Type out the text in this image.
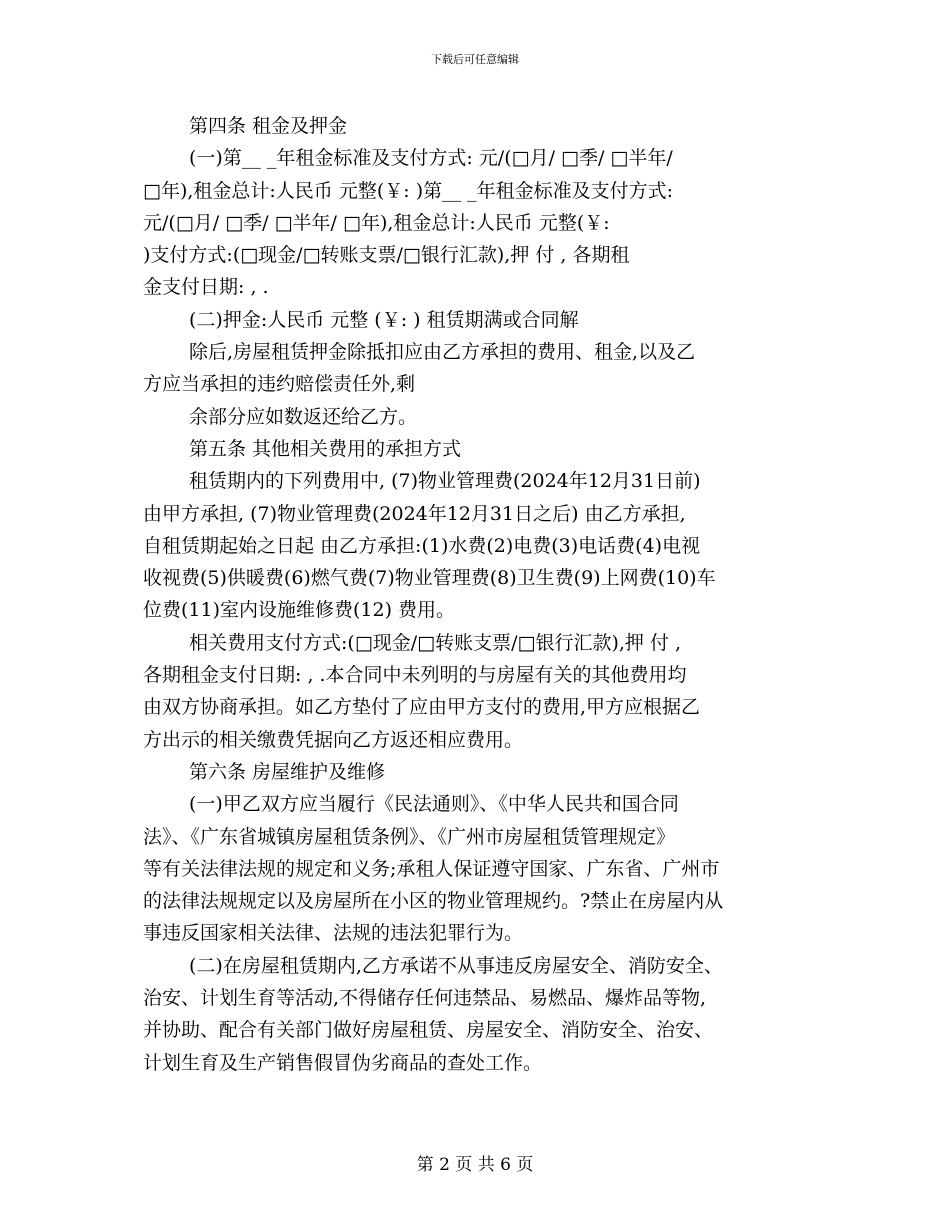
下载后可任意编辑
第四条 租金及押金
(一)第__ _年租金标准及支付方式: 元/(□月/ □季/ □半年/
□年),租金总计:人民币 元整(￥: )第__ _年租金标准及支付方式:
元/(□月/ □季/ □半年/ □年),租金总计:人民币 元整(￥:
)支付方式:(□现金/□转账支票/□银行汇款),押 付 , 各期租
金支付日期: , .
(二)押金:人民币 元整 (￥: ) 租赁期满或合同解
除后,房屋租赁押金除抵扣应由乙方承担的费用、租金,以及乙
方应当承担的违约赔偿责任外,剩
余部分应如数返还给乙方。
第五条 其他相关费用的承担方式
租赁期内的下列费用中, (7)物业管理费(2024年12月31日前)
由甲方承担, (7)物业管理费(2024年12月31日之后) 由乙方承担,
自租赁期起始之日起 由乙方承担:(1)水费(2)电费(3)电话费(4)电视
收视费(5)供暖费(6)燃气费(7)物业管理费(8)卫生费(9)上网费(10)车
位费(11)室内设施维修费(12) 费用。
相关费用支付方式:(□现金/□转账支票/□银行汇款),押 付 ,
各期租金支付日期: , .本合同中未列明的与房屋有关的其他费用均
由双方协商承担。如乙方垫付了应由甲方支付的费用,甲方应根据乙
方出示的相关缴费凭据向乙方返还相应费用。
第六条 房屋维护及维修
(一)甲乙双方应当履行《民法通则》、《中华人民共和国合同
法》、《广东省城镇房屋租赁条例》、《广州市房屋租赁管理规定》
等有关法律法规的规定和义务;承租人保证遵守国家、广东省、广州市
的法律法规规定以及房屋所在小区的物业管理规约。?禁止在房屋内从
事违反国家相关法律、法规的违法犯罪行为。
(二)在房屋租赁期内,乙方承诺不从事违反房屋安全、消防安全、
治安、计划生育等活动,不得储存任何违禁品、易燃品、爆炸品等物,
并协助、配合有关部门做好房屋租赁、房屋安全、消防安全、治安、
计划生育及生产销售假冒伪劣商品的查处工作。
第 2 页 共 6 页
